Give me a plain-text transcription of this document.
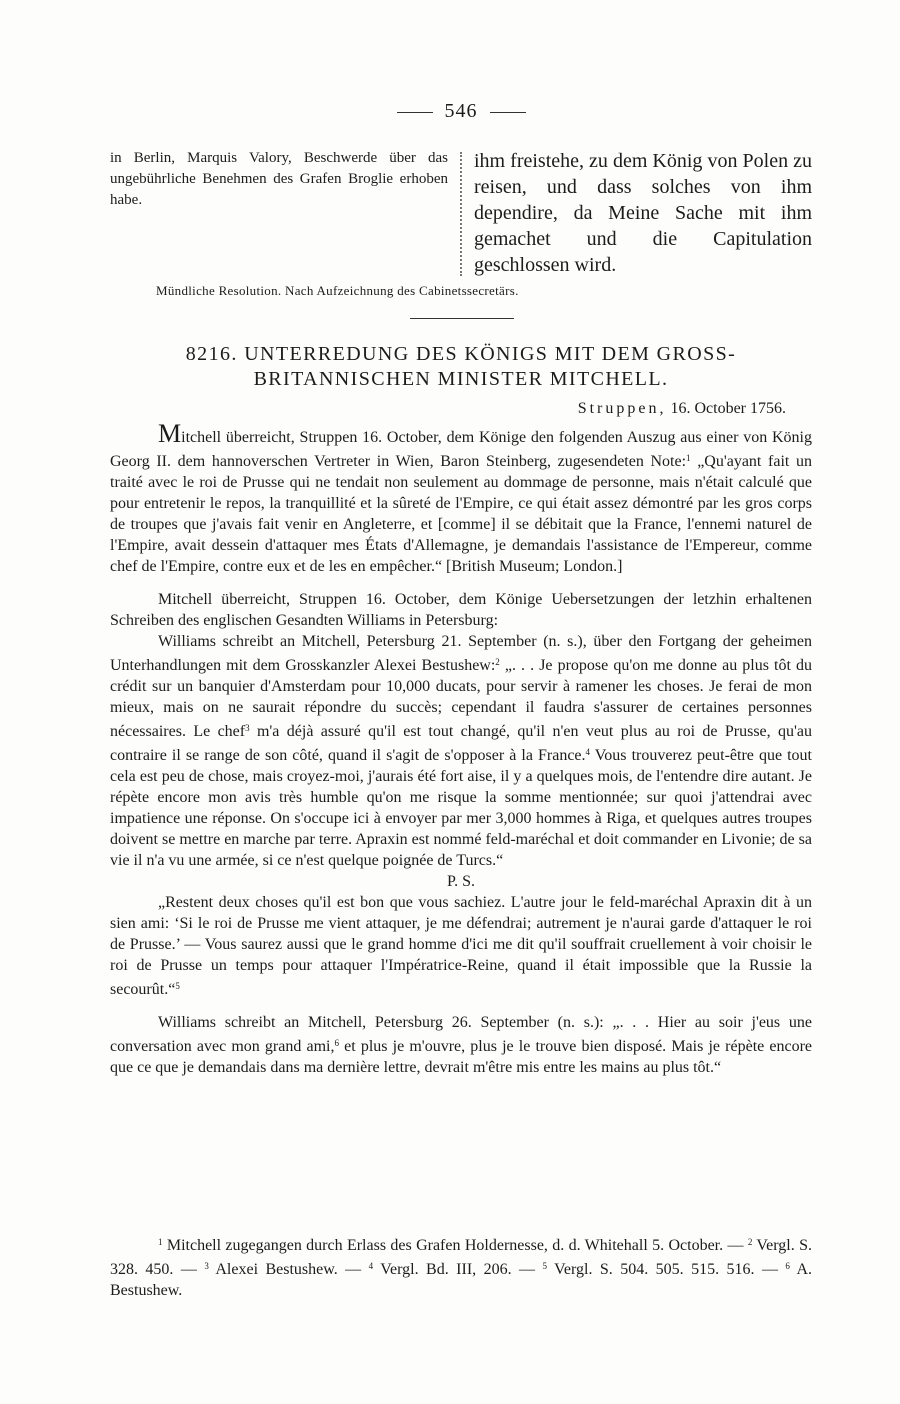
546
in Berlin, Marquis Valory, Beschwerde über das ungebührliche Benehmen des Grafen Broglie erhoben habe.
ihm freistehe, zu dem König von Polen zu reisen, und dass solches von ihm dependire, da Meine Sache mit ihm gemachet und die Capitulation geschlossen wird.
Mündliche Resolution. Nach Aufzeichnung des Cabinetssecretärs.
8216. UNTERREDUNG DES KÖNIGS MIT DEM GROSS-
BRITANNISCHEN MINISTER MITCHELL.
Struppen, 16. October 1756.

Mitchell überreicht, Struppen 16. October, dem Könige den folgenden Auszug aus einer von König Georg II. dem hannoverschen Vertreter in Wien, Baron Steinberg, zugesendeten Note:$^1$ „Qu'ayant fait un traité avec le roi de Prusse qui ne tendait non seulement au dommage de personne, mais n'était calculé que pour entretenir le repos, la tranquillité et la sûreté de l'Empire, ce qui était assez démontré par les gros corps de troupes que j'avais fait venir en Angleterre, et [comme] il se débitait que la France, l'ennemi naturel de l'Empire, avait dessein d'attaquer mes États d'Allemagne, je demandais l'assistance de l'Empereur, comme chef de l'Empire, contre eux et de les en empêcher.“ [British Museum; London.]

Mitchell überreicht, Struppen 16. October, dem Könige Uebersetzungen der letzhin erhaltenen Schreiben des englischen Gesandten Williams in Petersburg:

Williams schreibt an Mitchell, Petersburg 21. September (n. s.), über den Fortgang der geheimen Unterhandlungen mit dem Grosskanzler Alexei Bestushew:$^2$ „. . . Je propose qu'on me donne au plus tôt du crédit sur un banquier d'Amsterdam pour 10,000 ducats, pour servir à ramener les choses. Je ferai de mon mieux, mais on ne saurait répondre du succès; cependant il faudra s'assurer de certaines personnes nécessaires. Le chef$^3$ m'a déjà assuré qu'il est tout changé, qu'il n'en veut plus au roi de Prusse, qu'au contraire il se range de son côté, quand il s'agit de s'opposer à la France.$^4$ Vous trouverez peut-être que tout cela est peu de chose, mais croyez-moi, j'aurais été fort aise, il y a quelques mois, de l'entendre dire autant. Je répète encore mon avis très humble qu'on me risque la somme mentionnée; sur quoi j'attendrai avec impatience une réponse. On s'occupe ici à envoyer par mer 3,000 hommes à Riga, et quelques autres troupes doivent se mettre en marche par terre. Apraxin est nommé feld-maréchal et doit commander en Livonie; de sa vie il n'a vu une armée, si ce n'est quelque poignée de Turcs.“

P. S.

„Restent deux choses qu'il est bon que vous sachiez. L'autre jour le feld-maréchal Apraxin dit à un sien ami: ‘Si le roi de Prusse me vient attaquer, je me défendrai; autrement je n'aurai garde d'attaquer le roi de Prusse.’ — Vous saurez aussi que le grand homme d'ici me dit qu'il souffrait cruellement à voir choisir le roi de Prusse un temps pour attaquer l'Impératrice-Reine, quand il était impossible que la Russie la secourût.“$^5$

Williams schreibt an Mitchell, Petersburg 26. September (n. s.): „. . . Hier au soir j'eus une conversation avec mon grand ami,$^6$ et plus je m'ouvre, plus je le trouve bien disposé. Mais je répète encore que ce que je demandais dans ma dernière lettre, devrait m'être mis entre les mains au plus tôt.“

$^1$ Mitchell zugegangen durch Erlass des Grafen Holdernesse, d. d. Whitehall 5. October. — $^2$ Vergl. S. 328. 450. — $^3$ Alexei Bestushew. — $^4$ Vergl. Bd. III, 206. — $^5$ Vergl. S. 504. 505. 515. 516. — $^6$ A. Bestushew.
